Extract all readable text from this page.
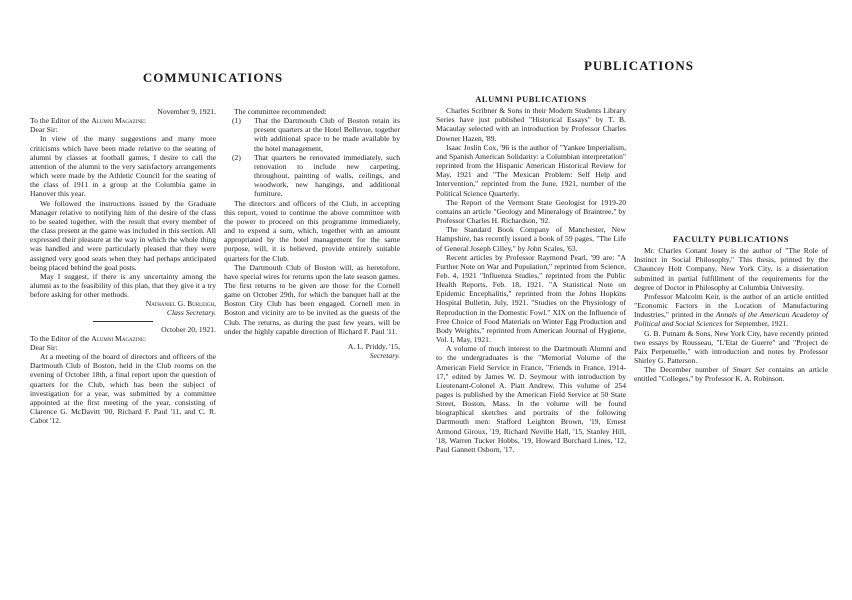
COMMUNICATIONS

November 9, 1921.

To the Editor of the Alumni Magazine:

Dear Sir:

In view of the many suggestions and many more criticisms which have been made relative to the seating of alumni by classes at football games, I desire to call the attention of the alumni to the very satisfactory arrangements which were made by the Athletic Council for the seating of the class of 1911 in a group at the Columbia game in Hanover this year.

We followed the instructions issued by the Graduate Manager relative to notifying him of the desire of the class to be seated together, with the result that every member of the class present at the game was included in this section. All expressed their pleasure at the way in which the whole thing was handled and were particularly pleased that they were assigned very good seats when they had perhaps anticipated being placed behind the goal posts.

May I suggest, if there is any uncertainty among the alumni as to the feasibility of this plan, that they give it a try before asking for other methods.

Nathaniel G. Burleigh,

Class Secretary.

October 20, 1921.

To the Editor of the Alumni Magazine:

Dear Sir:

At a meeting of the board of directors and officers of the Dartmouth Club of Boston, held in the Club rooms on the evening of October 18th, a final report upon the question of quarters for the Club, which has been the subject of investigation for a year, was submitted by a committee appointed at the first meeting of the year, consisting of Clarence G. McDavitt '00, Richard F. Paul '11, and C. R. Cabot '12.

The committee recommended:

(1)	That the Dartmouth Club of Boston retain its present quarters at the Hotel Bellevue, together with additional space to be made available by the hotel management,
(2)	That quarters be renovated immediately, such renovation to include new carpeting, throughout, painting of walls, ceilings, and woodwork, new hangings, and additional furniture.

The directors and officers of the Club, in accepting this report, voted to continue the above committee with the power to proceed on this programme immediately, and to expend a sum, which, together with an amount appropriated by the hotel management for the same purpose, will, it is believed, provide entirely suitable quarters for the Club.

The Dartmouth Club of Boston will, as heretofore, have special wires for returns upon the late season games. The first returns to be given are those for the Cornell game on October 29th, for which the banquet hall at the Boston City Club has been engaged. Cornell men in Boston and vicinity are to be invited as the guests of the Club. The returns, as during the past few years, will be under the highly capable direction of Richard F. Paul '11.

A. L. Priddy, '15,

Secretary.

PUBLICATIONS
ALUMNI PUBLICATIONS

Charles Scribner & Sons in their Modern Students Library Series have just published "Historical Essays" by T. B. Macaulay selected with an introduction by Professor Charles Downer Hazen, '89.

Isaac Joslin Cox, '96 is the author of "Yankee Imperialism, and Spanish American Solidarity: a Columbian interpretation" reprinted from the Hispanic American Historical Review for May, 1921 and "The Mexican Problem: Self Help and Intervention," reprinted from the June, 1921, number of the Political Science Quarterly.

The Report of the Vermont State Geologist for 1919-20 contains an article "Geology and Mineralogy of Braintree," by Professor Charles H. Richardson, '92.

The Standard Book Company of Manchester, New Hampshire, has recently issued a book of 59 pages, "The Life of General Joseph Cilley," by John Scales, '63.

Recent articles by Professor Raymond Pearl, '99 are: "A Further Note on War and Population," reprinted from Science, Feb. 4, 1921 "Influenza Studies," reprinted from the Public Health Reports, Feb. 18, 1921. "A Statistical Note on Epidemic Encephalitis," reprinted from the Johns Hopkins Hospital Bulletin, July, 1921. "Studies on the Physiology of Reproduction in the Domestic Fowl." XIX on the Influence of Free Choice of Food Materials on Winter Egg Production and Body Weights," reprinted from American Journal of Hygiene, Vol. I, May, 1921.

A volume of much interest to the Dartmouth Alumni and to the undergraduates is the "Memorial Volume of the American Field Service in France, "Friends in France, 1914-17," edited by James W. D. Seymour with introduction by Lieutenant-Colonel A. Piatt Andrew. This volume of 254 pages is published by the American Field Service at 50 State Street, Boston, Mass. In the volume will be found biographical sketches and portraits of the following Dartmouth men: Stafford Leighton Brown, '19, Ernest Armond Giroux, '19, Richard Neville Hall, '15, Stanley Hill, '18, Warren Tucker Hobbs, '19, Howard Burchard Lines, '12, Paul Gannett Osborn, '17.

FACULTY PUBLICATIONS

Mr. Charles Conant Josey is the author of "The Role of Instinct in Social Philosophy," This thesis, printed by the Chauncey Holt Company, New York City, is a dissertation submitted in partial fulfillment of the requirements for the degree of Doctor in Philosophy at Columbia University.

Professor Malcolm Keir, is the author of an article entitled "Economic Factors in the Location of Manufacturing Industries," printed in the Annals of the American Academy of Political and Social Sciences for September, 1921.

G. B. Putnam & Sons, New York City, have recently printed two essays by Rousseau, "L'Etat de Guerre" and "Project de Paix Perpetuelle," with introduction and notes by Professor Shirley G. Patterson.

The December number of Smart Set contains an article entitled "Colleges," by Professor K. A. Robinson.
